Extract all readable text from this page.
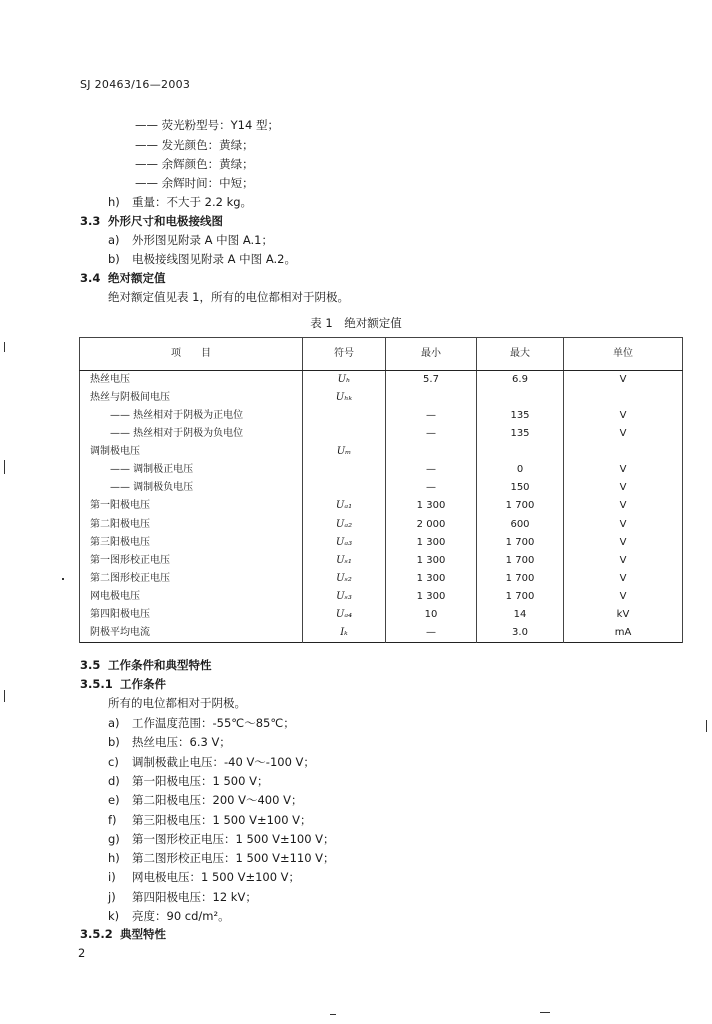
SJ 20463/16—2003
—— 荧光粉型号：Y14 型；
—— 发光颜色：黄绿；
—— 余辉颜色：黄绿；
—— 余辉时间：中短；
h) 重量：不大于 2.2 kg。
3.3 外形尺寸和电极接线图
a) 外形图见附录 A 中图 A.1；
b) 电极接线图见附录 A 中图 A.2。
3.4 绝对额定值
绝对额定值见表 1，所有的电位都相对于阴极。
表 1　绝对额定值
项　　目	符号	最小	最大	单位
热丝电压	Uₕ	5.7	6.9	V
热丝与阴极间电压	Uₕₖ			
—— 热丝相对于阴极为正电位		—	135	V
—— 热丝相对于阴极为负电位		—	135	V
调制极电压	Uₘ			
—— 调制极正电压		—	0	V
—— 调制极负电压		—	150	V
第一阳极电压	Uₐ₁	1 300	1 700	V
第二阳极电压	Uₐ₂	2 000	600	V
第三阳极电压	Uₐ₃	1 300	1 700	V
第一图形校正电压	Uₛ₁	1 300	1 700	V
第二图形校正电压	Uₛ₂	1 300	1 700	V
网电极电压	Uₛ₃	1 300	1 700	V
第四阳极电压	Uₐ₄	10	14	kV
阴极平均电流	Iₖ	—	3.0	mA
3.5 工作条件和典型特性
3.5.1 工作条件
所有的电位都相对于阴极。
a) 工作温度范围：-55℃～85℃；
b) 热丝电压：6.3 V；
c) 调制极截止电压：-40 V～-100 V；
d) 第一阳极电压：1 500 V；
e) 第二阳极电压：200 V～400 V；
f) 第三阳极电压：1 500 V±100 V；
g) 第一图形校正电压：1 500 V±100 V；
h) 第二图形校正电压：1 500 V±110 V；
i) 网电极电压：1 500 V±100 V；
j) 第四阳极电压：12 kV；
k) 亮度：90 cd/m²。
3.5.2 典型特性
2
